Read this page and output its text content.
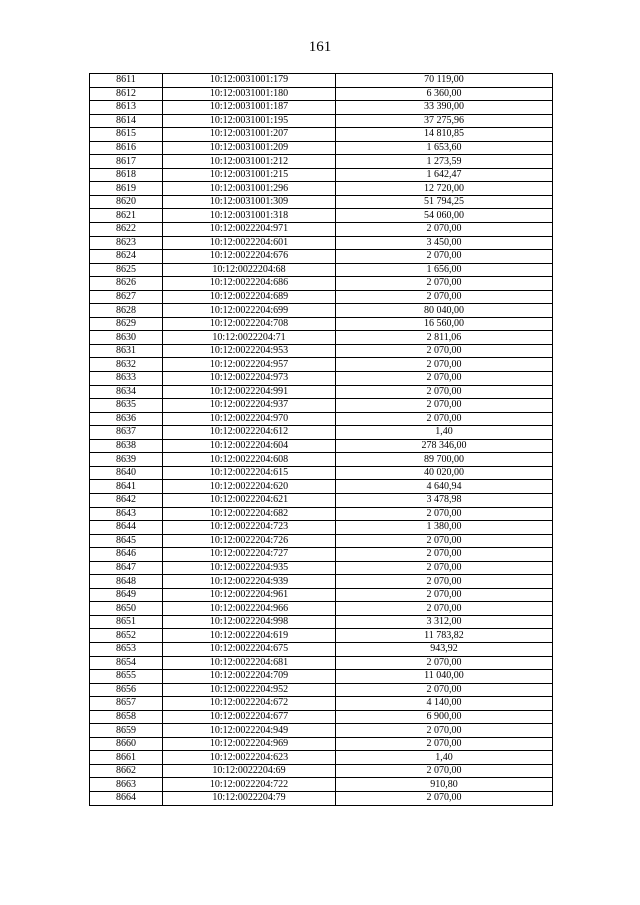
161
8611	10:12:0031001:179	70 119,00
8612	10:12:0031001:180	6 360,00
8613	10:12:0031001:187	33 390,00
8614	10:12:0031001:195	37 275,96
8615	10:12:0031001:207	14 810,85
8616	10:12:0031001:209	1 653,60
8617	10:12:0031001:212	1 273,59
8618	10:12:0031001:215	1 642,47
8619	10:12:0031001:296	12 720,00
8620	10:12:0031001:309	51 794,25
8621	10:12:0031001:318	54 060,00
8622	10:12:0022204:971	2 070,00
8623	10:12:0022204:601	3 450,00
8624	10:12:0022204:676	2 070,00
8625	10:12:0022204:68	1 656,00
8626	10:12:0022204:686	2 070,00
8627	10:12:0022204:689	2 070,00
8628	10:12:0022204:699	80 040,00
8629	10:12:0022204:708	16 560,00
8630	10:12:0022204:71	2 811,06
8631	10:12:0022204:953	2 070,00
8632	10:12:0022204:957	2 070,00
8633	10:12:0022204:973	2 070,00
8634	10:12:0022204:991	2 070,00
8635	10:12:0022204:937	2 070,00
8636	10:12:0022204:970	2 070,00
8637	10:12:0022204:612	1,40
8638	10:12:0022204:604	278 346,00
8639	10:12:0022204:608	89 700,00
8640	10:12:0022204:615	40 020,00
8641	10:12:0022204:620	4 640,94
8642	10:12:0022204:621	3 478,98
8643	10:12:0022204:682	2 070,00
8644	10:12:0022204:723	1 380,00
8645	10:12:0022204:726	2 070,00
8646	10:12:0022204:727	2 070,00
8647	10:12:0022204:935	2 070,00
8648	10:12:0022204:939	2 070,00
8649	10:12:0022204:961	2 070,00
8650	10:12:0022204:966	2 070,00
8651	10:12:0022204:998	3 312,00
8652	10:12:0022204:619	11 783,82
8653	10:12:0022204:675	943,92
8654	10:12:0022204:681	2 070,00
8655	10:12:0022204:709	11 040,00
8656	10:12:0022204:952	2 070,00
8657	10:12:0022204:672	4 140,00
8658	10:12:0022204:677	6 900,00
8659	10:12:0022204:949	2 070,00
8660	10:12:0022204:969	2 070,00
8661	10:12:0022204:623	1,40
8662	10:12:0022204:69	2 070,00
8663	10:12:0022204:722	910,80
8664	10:12:0022204:79	2 070,00
